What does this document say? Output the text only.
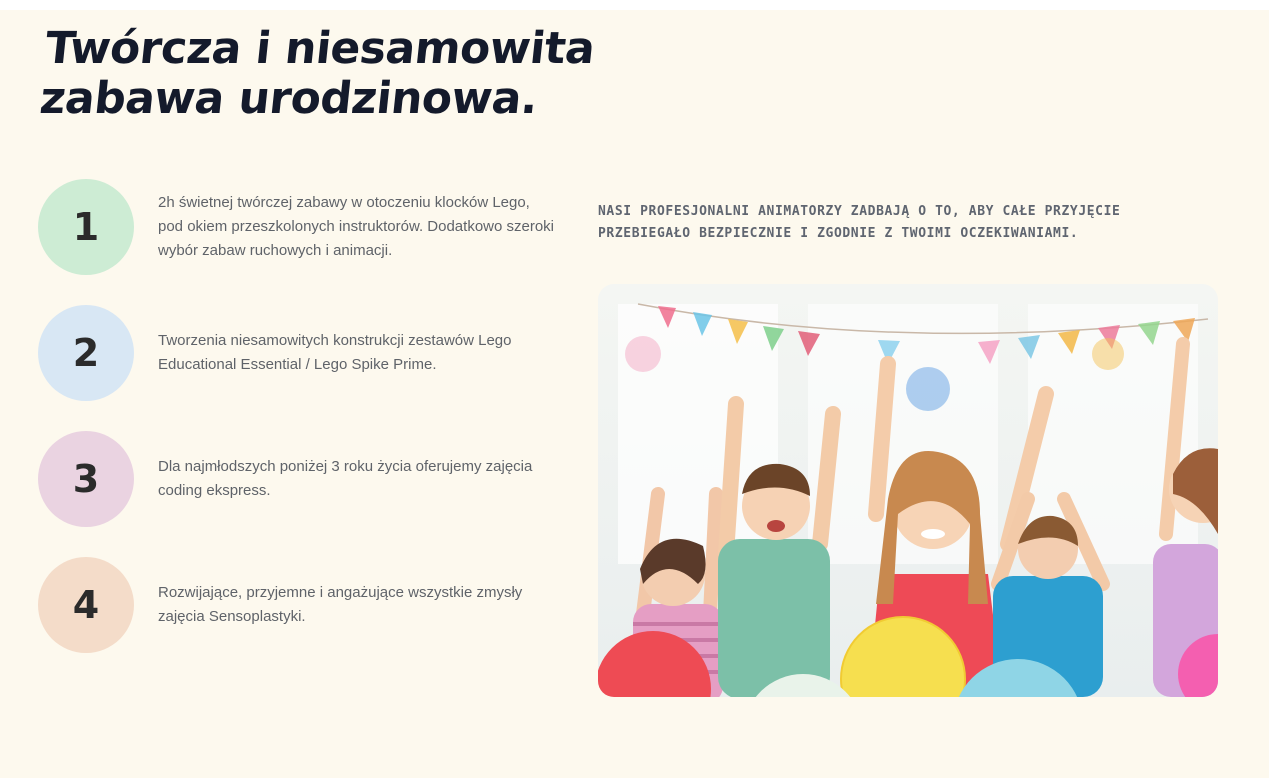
Twórcza i niesamowita
zabawa urodzinowa.
1
2h świetnej twórczej zabawy w otoczeniu klocków Lego, pod okiem przeszkolonych instruktorów. Dodatkowo szeroki wybór zabaw ruchowych i animacji.
2	Tworzenia niesamowitych konstrukcji zestawów Lego Educational Essential / Lego Spike Prime.
3	Dla najmłodszych poniżej 3 roku życia oferujemy zajęcia coding ekspress.
4	Rozwijające, przyjemne i angażujące wszystkie zmysły zajęcia Sensoplastyki.

NASI PROFESJONALNI ANIMATORZY ZADBAJĄ O TO, ABY CAŁE PRZYJĘCIE PRZEBIEGAŁO BEZPIECZNIE I ZGODNIE Z TWOIMI OCZEKIWANIAMI.
